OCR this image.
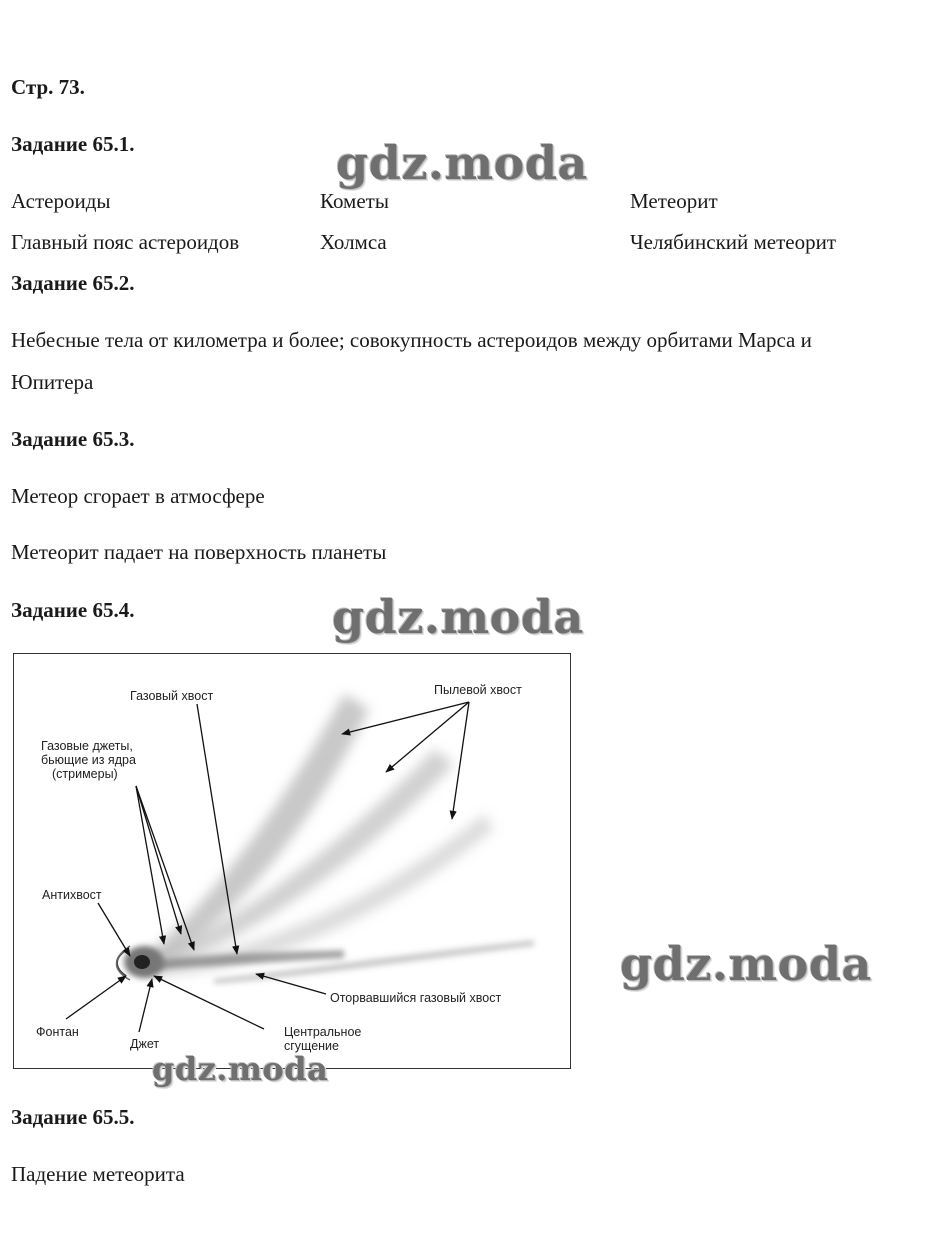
Стр. 73.
Задание 65.1.
Астероиды	Кометы	Метеорит
Главный пояс астероидов	Холмса	Челябинский метеорит
Задание 65.2.
Небесные тела от километра и более; совокупность астероидов между орбитами Марса и
Юпитера
Задание 65.3.
Метеор сгорает в атмосфере
Метеорит падает на поверхность планеты
Задание 65.4.
Газовый хвост	Пылевой хвост
Газовые джеты,
бьющие из ядра
(стримеры)
Антихвост
Оторвавшийся газовый хвост
Фонтан
Джет
Центральное
сгущение
Задание 65.5.
Падение метеорита
gdz.moda
gdz.moda
gdz.moda
gdz.moda
